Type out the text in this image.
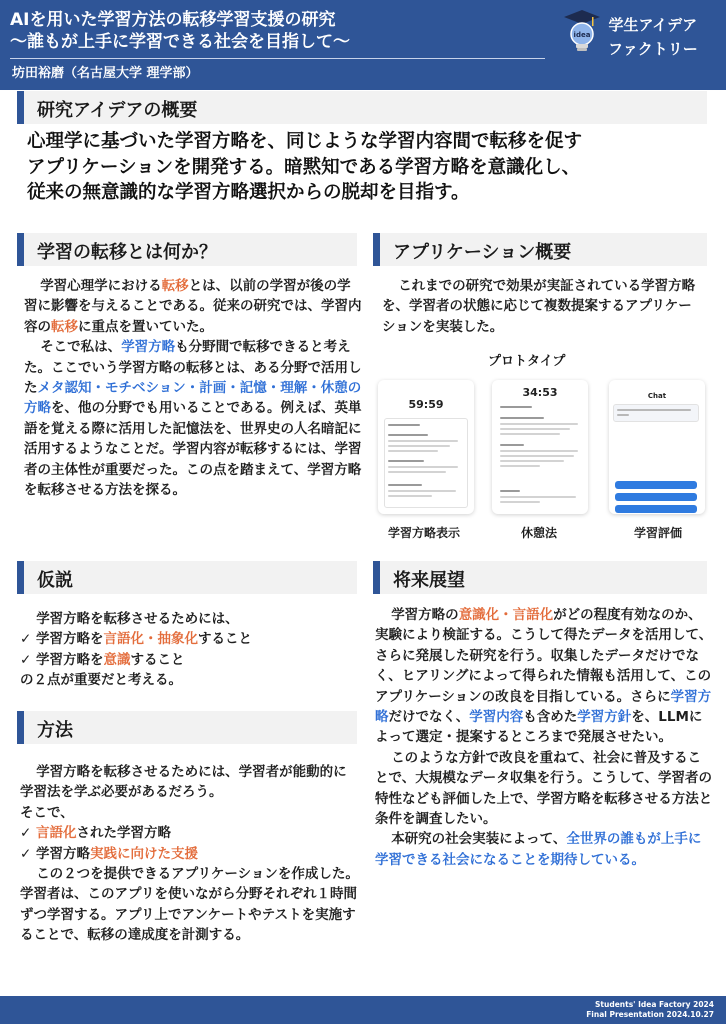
AIを用いた学習方法の転移学習支援の研究
～誰もが上手に学習できる社会を目指して～
坊田裕磨（名古屋大学 理学部）
idea
学生アイデア
ファクトリー
研究アイデアの概要
心理学に基づいた学習方略を、同じような学習内容間で転移を促す
アプリケーションを開発する。暗黙知である学習方略を意識化し、
従来の無意識的な学習方略選択からの脱却を目指す。
学習の転移とは何か？

学習心理学における転移とは、以前の学習が後の学習に影響を与えることである。従来の研究では、学習内容の転移に重点を置いていた。

そこで私は、学習方略も分野間で転移できると考えた。ここでいう学習方略の転移とは、ある分野で活用したメタ認知・モチベション・計画・記憶・理解・休憩の方略を、他の分野でも用いることである。例えば、英単語を覚える際に活用した記憶法を、世界史の人名暗記に活用するようなことだ。学習内容が転移するには、学習者の主体性が重要だった。この点を踏まえて、学習方略を転移させる方法を探る。

仮説

学習方略を転移させるためには、

✓ 学習方略を言語化・抽象化すること

✓ 学習方略を意識すること

の２点が重要だと考える。

方法

学習方略を転移させるためには、学習者が能動的に学習法を学ぶ必要があるだろう。

そこで、

✓ 言語化された学習方略

✓ 学習方略実践に向けた支援

この２つを提供できるアプリケーションを作成した。学習者は、このアプリを使いながら分野それぞれ１時間ずつ学習する。アプリ上でアンケートやテストを実施することで、転移の達成度を計測する。

アプリケーション概要

これまでの研究で効果が実証されている学習方略を、学習者の状態に応じて複数提案するアプリケーションを実装した。

プロトタイプ
59:59
学習方略表示
34:53
休憩法
Chat
学習評価
将来展望

学習方略の意識化・言語化がどの程度有効なのか、実験により検証する。こうして得たデータを活用して、さらに発展した研究を行う。収集したデータだけでなく、ヒアリングによって得られた情報も活用して、このアプリケーションの改良を目指している。さらに学習方略だけでなく、学習内容も含めた学習方針を、LLMによって選定・提案するところまで発展させたい。

このような方針で改良を重ねて、社会に普及することで、大規模なデータ収集を行う。こうして、学習者の特性なども評価した上で、学習方略を転移させる方法と条件を調査したい。

本研究の社会実装によって、全世界の誰もが上手に学習できる社会になることを期待している。

Students' Idea Factory 2024
Final Presentation 2024.10.27
